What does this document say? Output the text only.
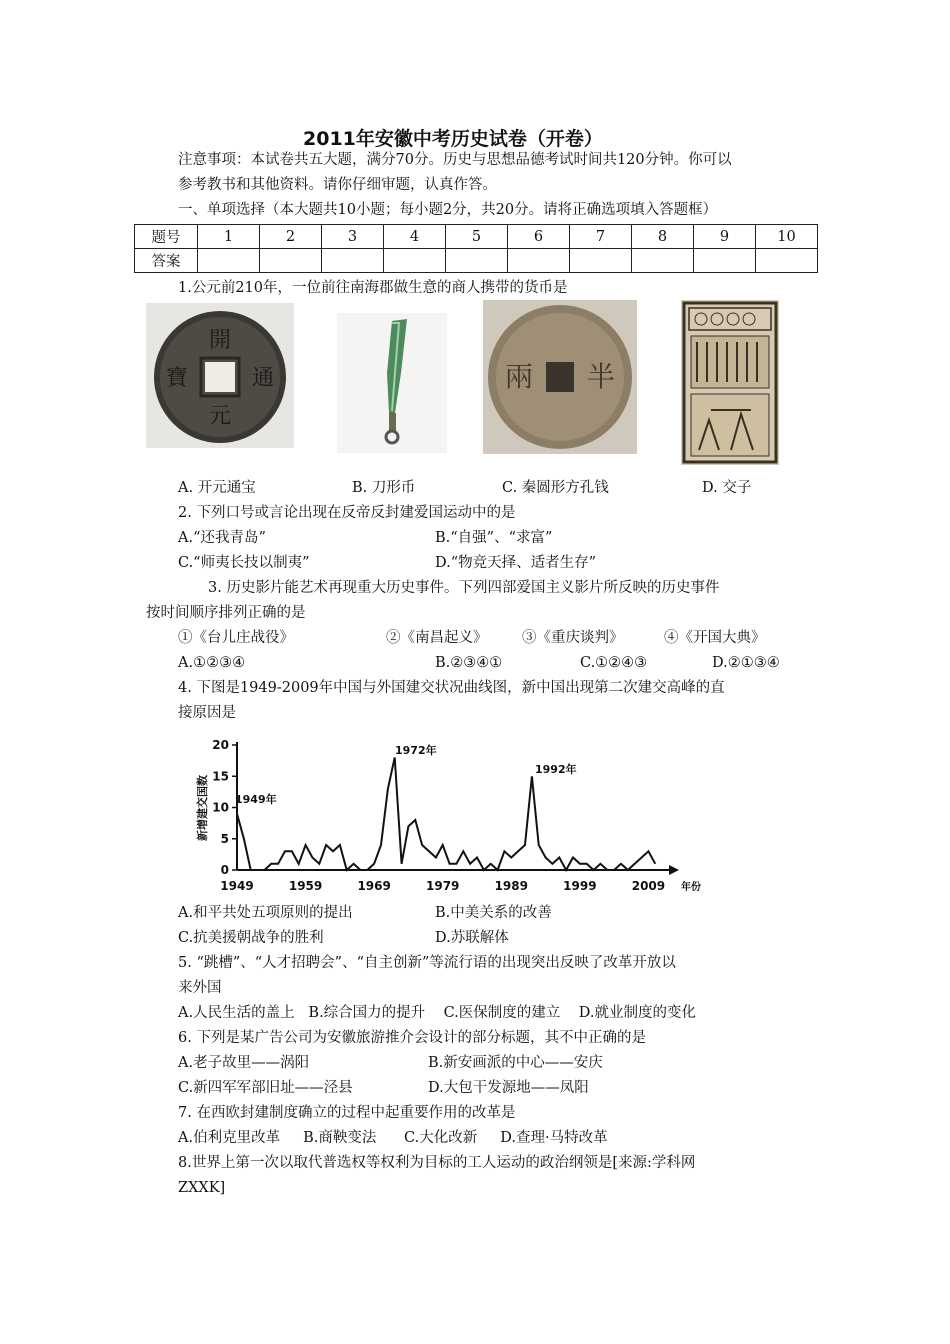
2011年安徽中考历史试卷（开卷）
注意事项：本试卷共五大题，满分70分。历史与思想品德考试时间共120分钟。你可以
参考教书和其他资料。请你仔细审题，认真作答。
一、单项选择（本大题共10小题；每小题2分，共20分。请将正确选项填入答题框）
题号	1	2	3	4	5	6	7	8	9	10
答案										
1.公元前210年，一位前往南海郡做生意的商人携带的货币是
開
元
通
寶	半
兩
A. 开元通宝	B. 刀形币	C. 秦圆形方孔钱	D. 交子
2. 下列口号或言论出现在反帝反封建爱国运动中的是
A.“还我青岛”	B.“自强”、“求富”
C.“师夷长技以制夷”	D.“物竞天择、适者生存”
3. 历史影片能艺术再现重大历史事件。下列四部爱国主义影片所反映的历史事件
按时间顺序排列正确的是
①《台儿庄战役》	②《南昌起义》 ③《重庆谈判》	④《开国大典》
A.①②③④	B.②③④①	C.①②④③	D.②①③④
4. 下图是1949-2009年中国与外国建交状况曲线图，新中国出现第二次建交高峰的直
接原因是
新增建交国数
年份
0
5
10
15
20
1949	1959	1969	1979	1989	1999	2009
1949年
1972年
1992年
A.和平共处五项原则的提出	B.中美关系的改善
C.抗美援朝战争的胜利	D.苏联解体
5. “跳槽”、“人才招聘会”、“自主创新”等流行语的出现突出反映了改革开放以
来外国
A.人民生活的盖上   B.综合国力的提升    C.医保制度的建立    D.就业制度的变化
6. 下列是某广告公司为安徽旅游推介会设计的部分标题，其不中正确的是
A.老子故里——涡阳	B.新安画派的中心——安庆
C.新四军军部旧址——泾县	D.大包干发源地——凤阳
7. 在西欧封建制度确立的过程中起重要作用的改革是
A.伯利克里改革     B.商鞅变法      C.大化改新     D.查理·马特改革
8.世界上第一次以取代普选权等权利为目标的工人运动的政治纲领是[来源:学科网
ZXXK]
